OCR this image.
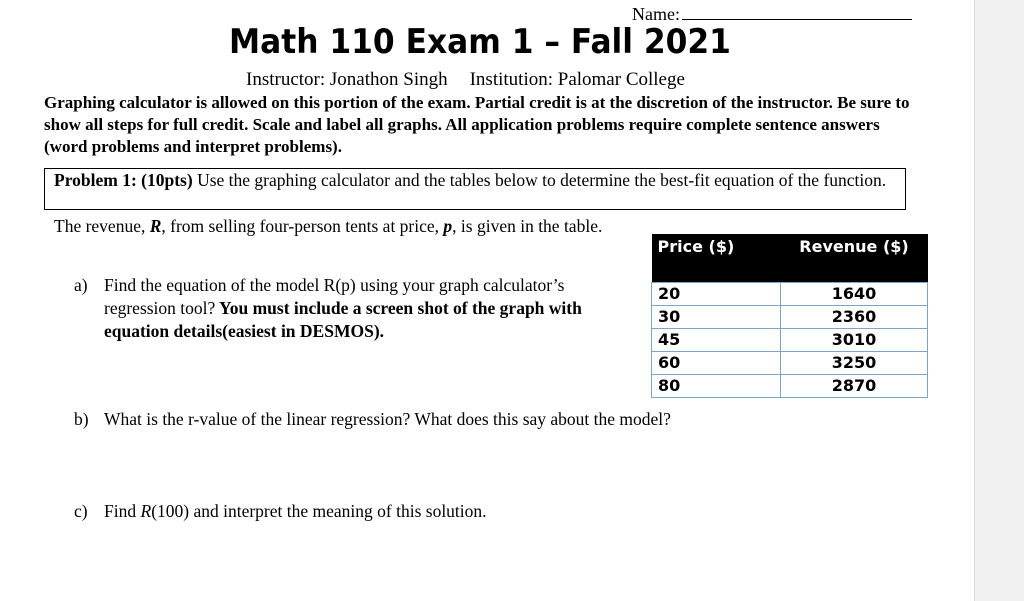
Name:
Math 110 Exam 1 – Fall 2021
Instructor: Jonathon Singh Institution: Palomar College
Graphing calculator is allowed on this portion of the exam. Partial credit is at the discretion of the instructor. Be sure to show all steps for full credit. Scale and label all graphs. All application problems require complete sentence answers (word problems and interpret problems).
Problem 1: (10pts) Use the graphing calculator and the tables below to determine the best-fit equation of the function.
The revenue, R, from selling four-person tents at price, p, is given in the table.
a) Find the equation of the model R(p) using your graph calculator’s regression tool? You must include a screen shot of the graph with equation details(easiest in DESMOS).
Price ($)	Revenue ($)
20	1640
30	2360
45	3010
60	3250
80	2870
b) What is the r-value of the linear regression? What does this say about the model?
c) Find R(100) and interpret the meaning of this solution.
